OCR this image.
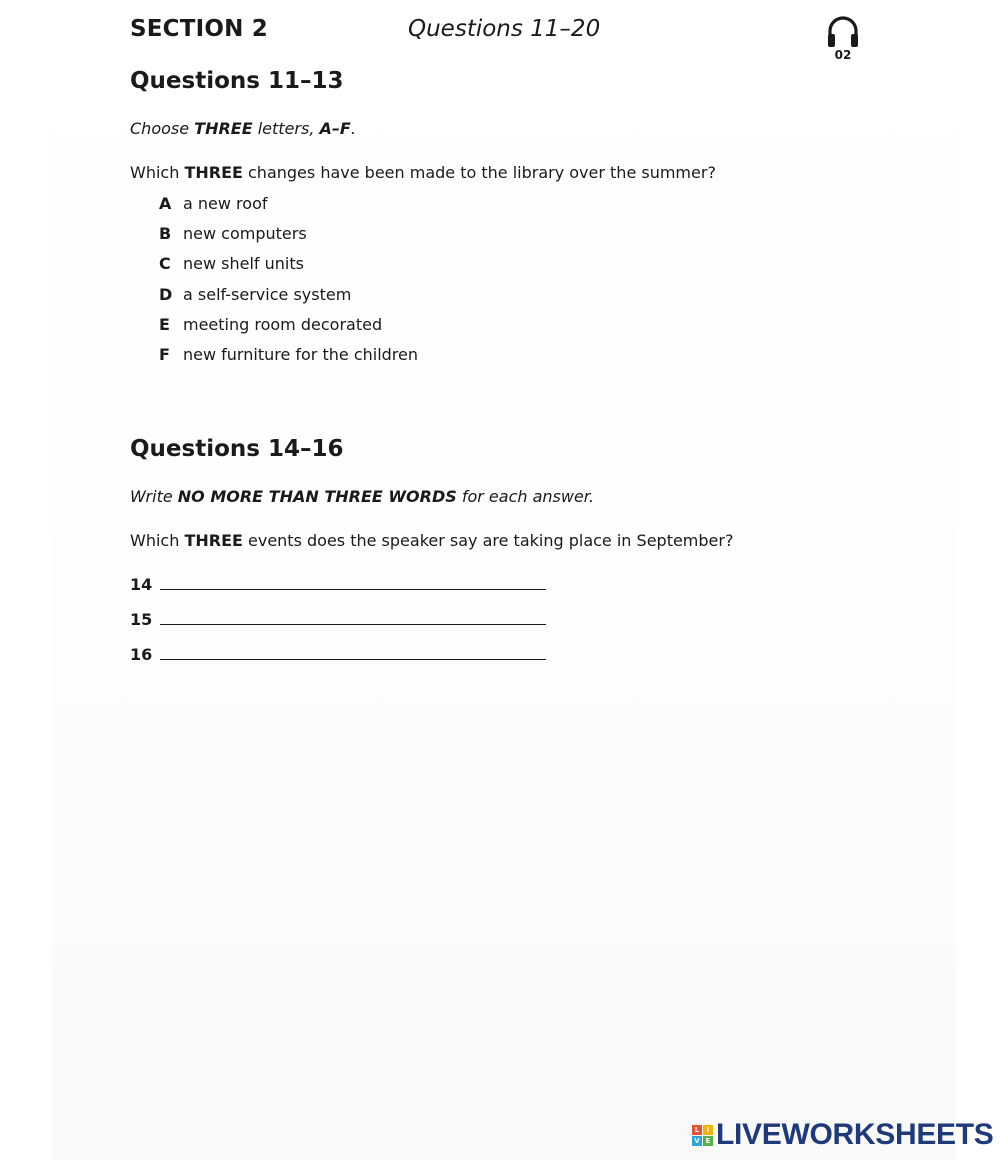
SECTION 2	Questions 11–20
02
Questions 11–13
Choose THREE letters, A–F.
Which THREE changes have been made to the library over the summer?
A a new roof
B new computers
C new shelf units
D a self-service system
E meeting room decorated
F new furniture for the children
Questions 14–16
Write NO MORE THAN THREE WORDS for each answer.
Which THREE events does the speaker say are taking place in September?
14
15
16
L	I
V E LIVEWORKSHEETS
